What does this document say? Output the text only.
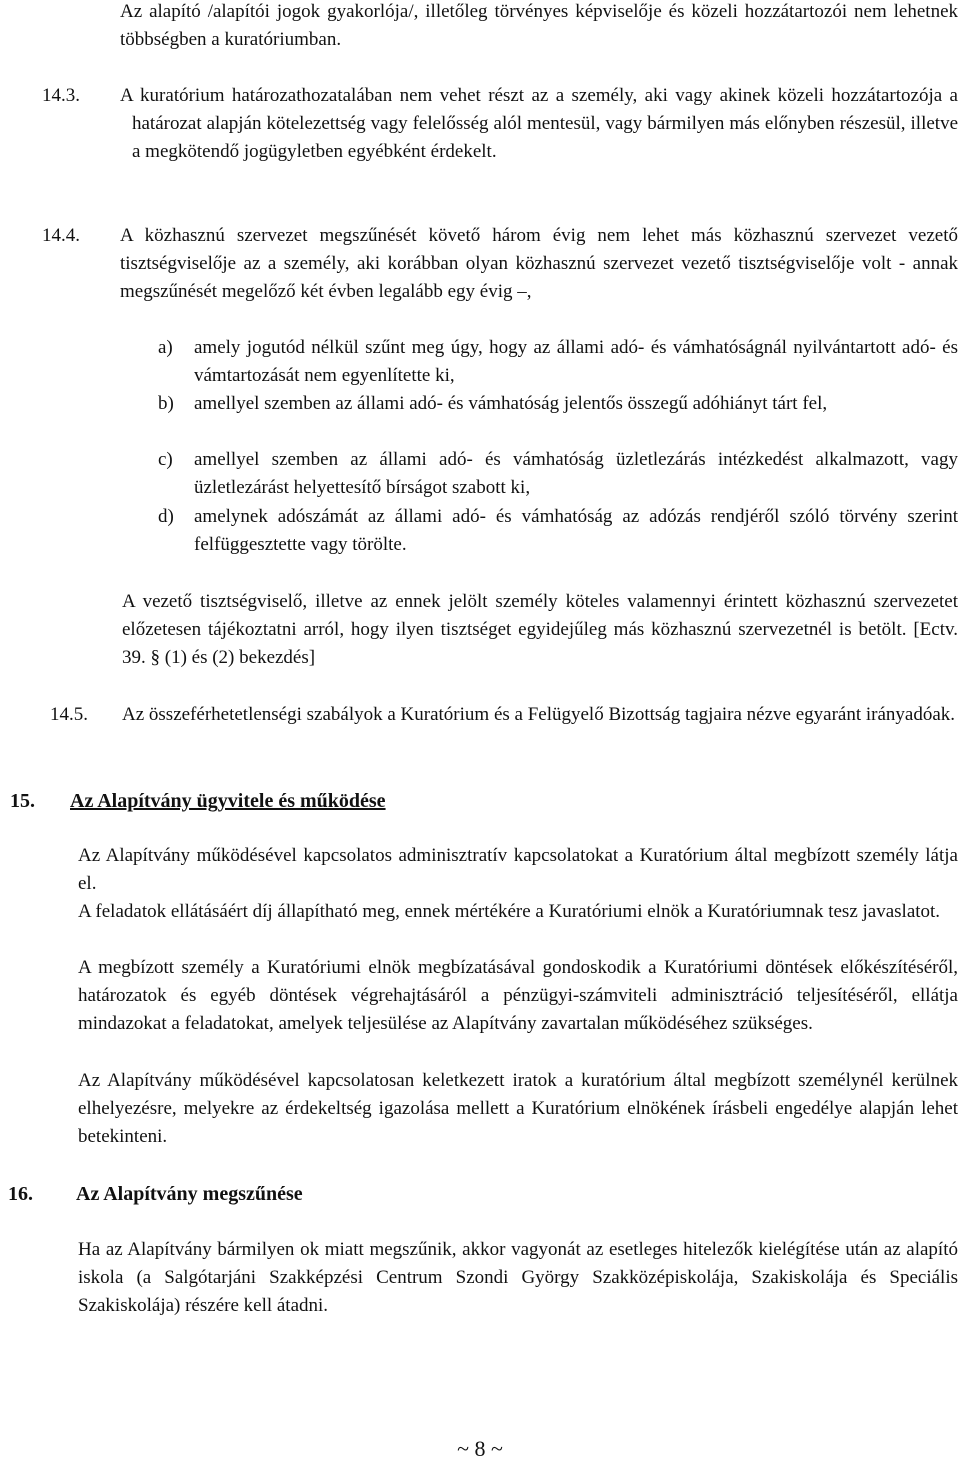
Az alapító /alapítói jogok gyakorlója/, illetőleg törvényes képviselője és közeli hozzátartozói nem lehetnek többségben a kuratóriumban.

14.3. A kuratórium határozathozatalában nem vehet részt az a személy, aki vagy akinek közeli hozzátartozója a határozat alapján kötelezettség vagy felelősség alól mentesül, vagy bármilyen más előnyben részesül, illetve a megkötendő jogügyletben egyébként érdekelt.

14.4. A közhasznú szervezet megszűnését követő három évig nem lehet más közhasznú szervezet vezető tisztségviselője az a személy, aki korábban olyan közhasznú szervezet vezető tisztségviselője volt - annak megszűnését megelőző két évben legalább egy évig –,

a) amely jogutód nélkül szűnt meg úgy, hogy az állami adó- és vámhatóságnál nyilvántartott adó- és vámtartozását nem egyenlítette ki,

b) amellyel szemben az állami adó- és vámhatóság jelentős összegű adóhiányt tárt fel,

c) amellyel szemben az állami adó- és vámhatóság üzletlezárás intézkedést alkalmazott, vagy üzletlezárást helyettesítő bírságot szabott ki,

d) amelynek adószámát az állami adó- és vámhatóság az adózás rendjéről szóló törvény szerint felfüggesztette vagy törölte.

A vezető tisztségviselő, illetve az ennek jelölt személy köteles valamennyi érintett közhasznú szervezetet előzetesen tájékoztatni arról, hogy ilyen tisztséget egyidejűleg más közhasznú szervezetnél is betölt. [Ectv. 39. § (1) és (2) bekezdés]

14.5. Az összeférhetetlenségi szabályok a Kuratórium és a Felügyelő Bizottság tagjaira nézve egyaránt irányadóak.

15. Az Alapítvány ügyvitele és működése

Az Alapítvány működésével kapcsolatos adminisztratív kapcsolatokat a Kuratórium által megbízott személy látja el.

A feladatok ellátásáért díj állapítható meg, ennek mértékére a Kuratóriumi elnök a Kuratóriumnak tesz javaslatot.

A megbízott személy a Kuratóriumi elnök megbízatásával gondoskodik a Kuratóriumi döntések előkészítéséről, határozatok és egyéb döntések végrehajtásáról a pénzügyi-számviteli adminisztráció teljesítéséről, ellátja mindazokat a feladatokat, amelyek teljesülése az Alapítvány zavartalan működéséhez szükséges.

Az Alapítvány működésével kapcsolatosan keletkezett iratok a kuratórium által megbízott személynél kerülnek elhelyezésre, melyekre az érdekeltség igazolása mellett a Kuratórium elnökének írásbeli engedélye alapján lehet betekinteni.

16. Az Alapítvány megszűnése

Ha az Alapítvány bármilyen ok miatt megszűnik, akkor vagyonát az esetleges hitelezők kielégítése után az alapító iskola (a Salgótarjáni Szakképzési Centrum Szondi György Szakközépiskolája, Szakiskolája és Speciális Szakiskolája) részére kell átadni.

~ 8 ~
